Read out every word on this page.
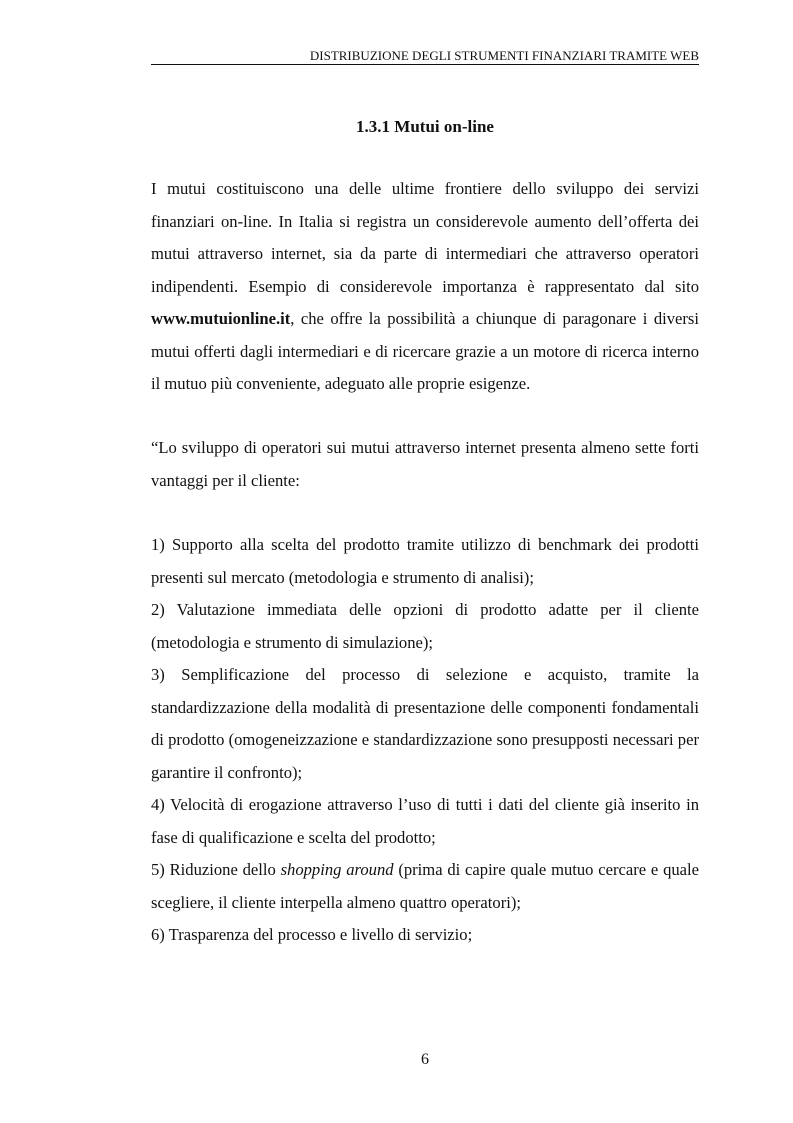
DISTRIBUZIONE DEGLI STRUMENTI FINANZIARI TRAMITE WEB
1.3.1 Mutui on-line

I mutui costituiscono una delle ultime frontiere dello sviluppo dei servizi finanziari on-line. In Italia si registra un considerevole aumento dell’offerta dei mutui attraverso internet, sia da parte di intermediari che attraverso operatori indipendenti. Esempio di considerevole importanza è rappresentato dal sito www.mutuionline.it, che offre la possibilità a chiunque di paragonare i diversi mutui offerti dagli intermediari e di ricercare grazie a un motore di ricerca interno il mutuo più conveniente, adeguato alle proprie esigenze.

“Lo sviluppo di operatori sui mutui attraverso internet presenta almeno sette forti vantaggi per il cliente:

1) Supporto alla scelta del prodotto tramite utilizzo di benchmark dei prodotti presenti sul mercato (metodologia e strumento di analisi);

2) Valutazione immediata delle opzioni di prodotto adatte per il cliente (metodologia e strumento di simulazione);

3) Semplificazione del processo di selezione e acquisto, tramite la standardizzazione della modalità di presentazione delle componenti fondamentali di prodotto (omogeneizzazione e standardizzazione sono presupposti necessari per garantire il confronto);

4) Velocità di erogazione attraverso l’uso di tutti i dati del cliente già inserito in fase di qualificazione e scelta del prodotto;

5) Riduzione dello shopping around (prima di capire quale mutuo cercare e quale scegliere, il cliente interpella almeno quattro operatori);

6) Trasparenza del processo e livello di servizio;

6
